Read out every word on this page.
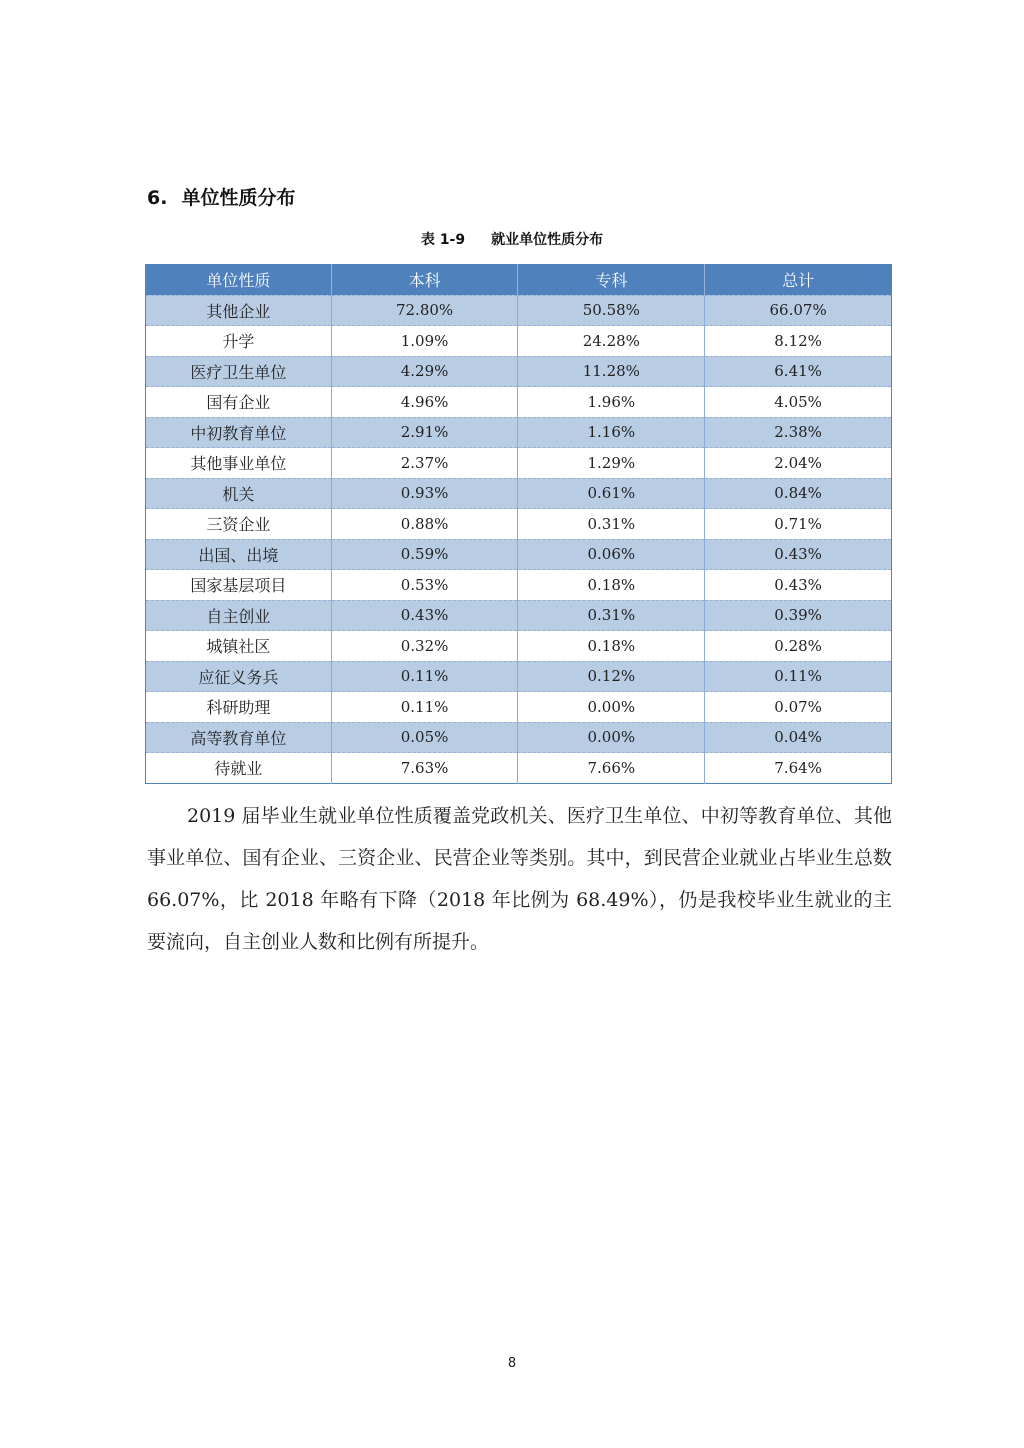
6. 单位性质分布
表 1-9 就业单位性质分布
单位性质	本科	专科	总计
其他企业	72.80%	50.58%	66.07%
升学	1.09%	24.28%	8.12%
医疗卫生单位	4.29%	11.28%	6.41%
国有企业	4.96%	1.96%	4.05%
中初教育单位	2.91%	1.16%	2.38%
其他事业单位	2.37%	1.29%	2.04%
机关	0.93%	0.61%	0.84%
三资企业	0.88%	0.31%	0.71%
出国、出境	0.59%	0.06%	0.43%
国家基层项目	0.53%	0.18%	0.43%
自主创业	0.43%	0.31%	0.39%
城镇社区	0.32%	0.18%	0.28%
应征义务兵	0.11%	0.12%	0.11%
科研助理	0.11%	0.00%	0.07%
高等教育单位	0.05%	0.00%	0.04%
待就业	7.63%	7.66%	7.64%

2019 届毕业生就业单位性质覆盖党政机关、医疗卫生单位、中初等教育单位、其他事业单位、国有企业、三资企业、民营企业等类别。其中，到民营企业就业占毕业生总数 66.07%，比 2018 年略有下降（2018 年比例为 68.49%），仍是我校毕业生就业的主要流向，自主创业人数和比例有所提升。

8
